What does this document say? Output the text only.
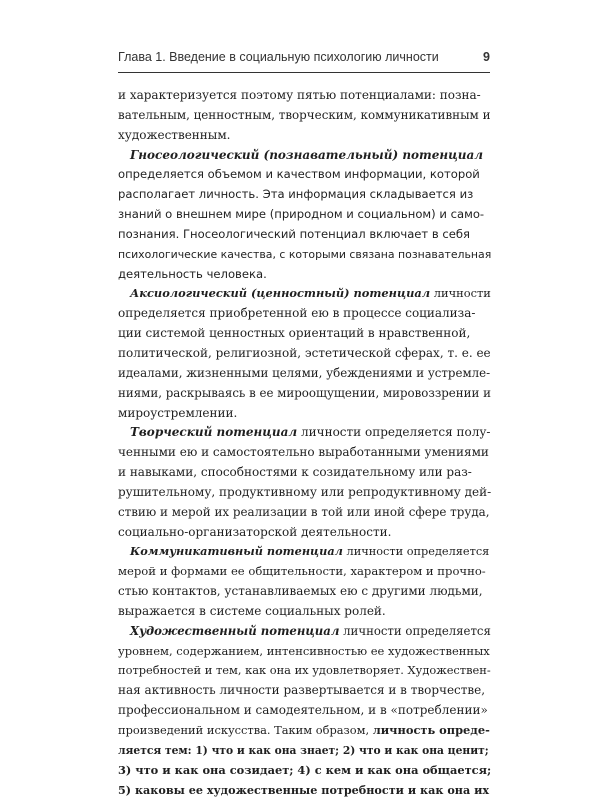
Глава 1. Введение в социальную психологию личности	9
и характеризуется поэтому пятью потенциалами: позна-
вательным, ценностным, творческим, коммуникативным и
художественным.
Гносеологический (познавательный) потенциал
определяется объемом и качеством информации, которой
располагает личность. Эта информация складывается из
знаний о внешнем мире (природном и социальном) и само-
познания. Гносеологический потенциал включает в себя
психологические качества, с которыми связана познавательная
деятельность человека.
Аксиологический (ценностный) потенциал личности
определяется приобретенной ею в процессе социализа-
ции системой ценностных ориентаций в нравственной,
политической, религиозной, эстетической сферах, т. е. ее
идеалами, жизненными целями, убеждениями и устремле-
ниями, раскрываясь в ее мироощущении, мировоззрении и
мироустремлении.
Творческий потенциал личности определяется полу-
ченными ею и самостоятельно выработанными умениями
и навыками, способностями к созидательному или раз-
рушительному, продуктивному или репродуктивному дей-
ствию и мерой их реализации в той или иной сфере труда,
социально-организаторской деятельности.
Коммуникативный потенциал личности определяется
мерой и формами ее общительности, характером и прочно-
стью контактов, устанавливаемых ею с другими людьми,
выражается в системе социальных ролей.
Художественный потенциал личности определяется
уровнем, содержанием, интенсивностью ее художественных
потребностей и тем, как она их удовлетворяет. Художествен-
ная активность личности развертывается и в творчестве,
профессиональном и самодеятельном, и в «потреблении»
произведений искусства. Таким образом, личность опреде-
ляется тем: 1) что и как она знает; 2) что и как она ценит;
3) что и как она созидает; 4) с кем и как она общается;
5) каковы ее художественные потребности и как она их
